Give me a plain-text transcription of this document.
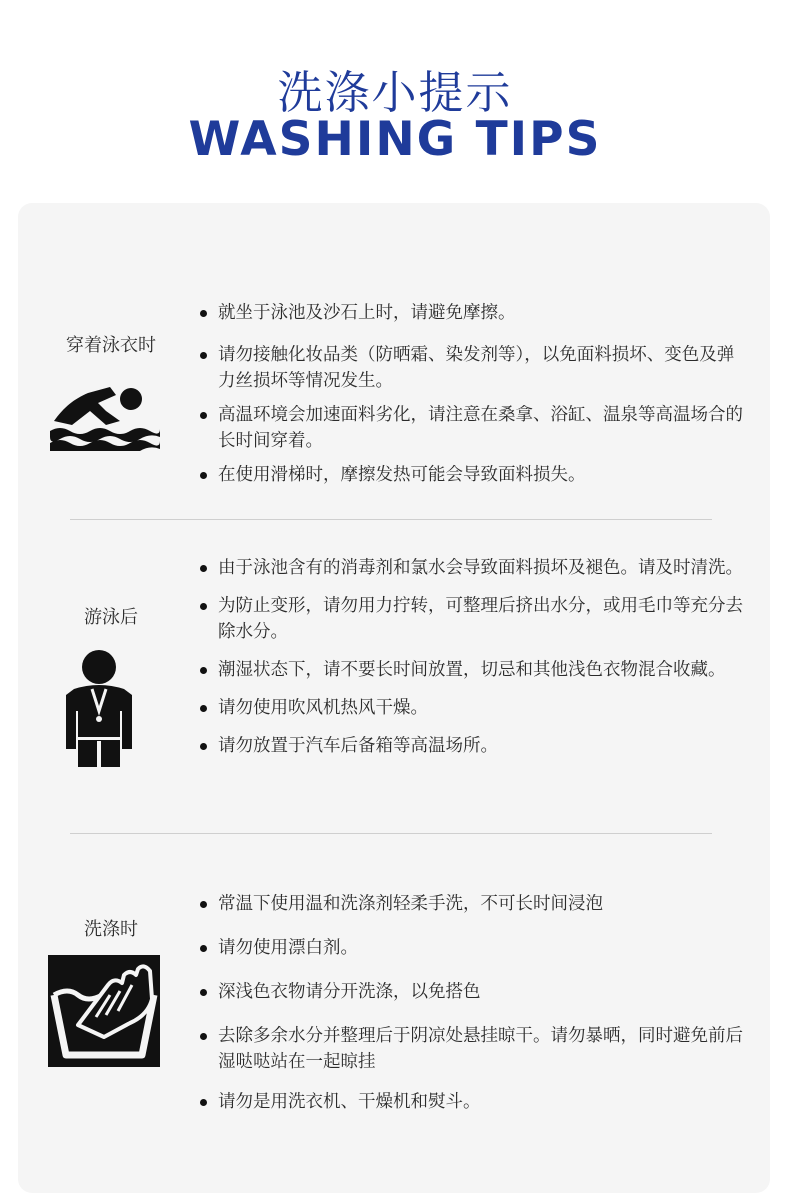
洗涤小提示
WASHING TIPS
穿着泳衣时
就坐于泳池及沙石上时，请避免摩擦。
请勿接触化妆品类（防晒霜、染发剂等），以免面料损坏、变色及弹力丝损坏等情况发生。
高温环境会加速面料劣化，请注意在桑拿、浴缸、温泉等高温场合的长时间穿着。
在使用滑梯时，摩擦发热可能会导致面料损失。
游泳后
由于泳池含有的消毒剂和氯水会导致面料损坏及褪色。请及时清洗。
为防止变形，请勿用力拧转，可整理后挤出水分，或用毛巾等充分去除水分。
潮湿状态下，请不要长时间放置，切忌和其他浅色衣物混合收藏。
请勿使用吹风机热风干燥。
请勿放置于汽车后备箱等高温场所。
洗涤时
常温下使用温和洗涤剂轻柔手洗，不可长时间浸泡
请勿使用漂白剂。
深浅色衣物请分开洗涤，以免搭色
去除多余水分并整理后于阴凉处悬挂晾干。请勿暴晒，同时避免前后湿哒哒站在一起晾挂
请勿是用洗衣机、干燥机和熨斗。
